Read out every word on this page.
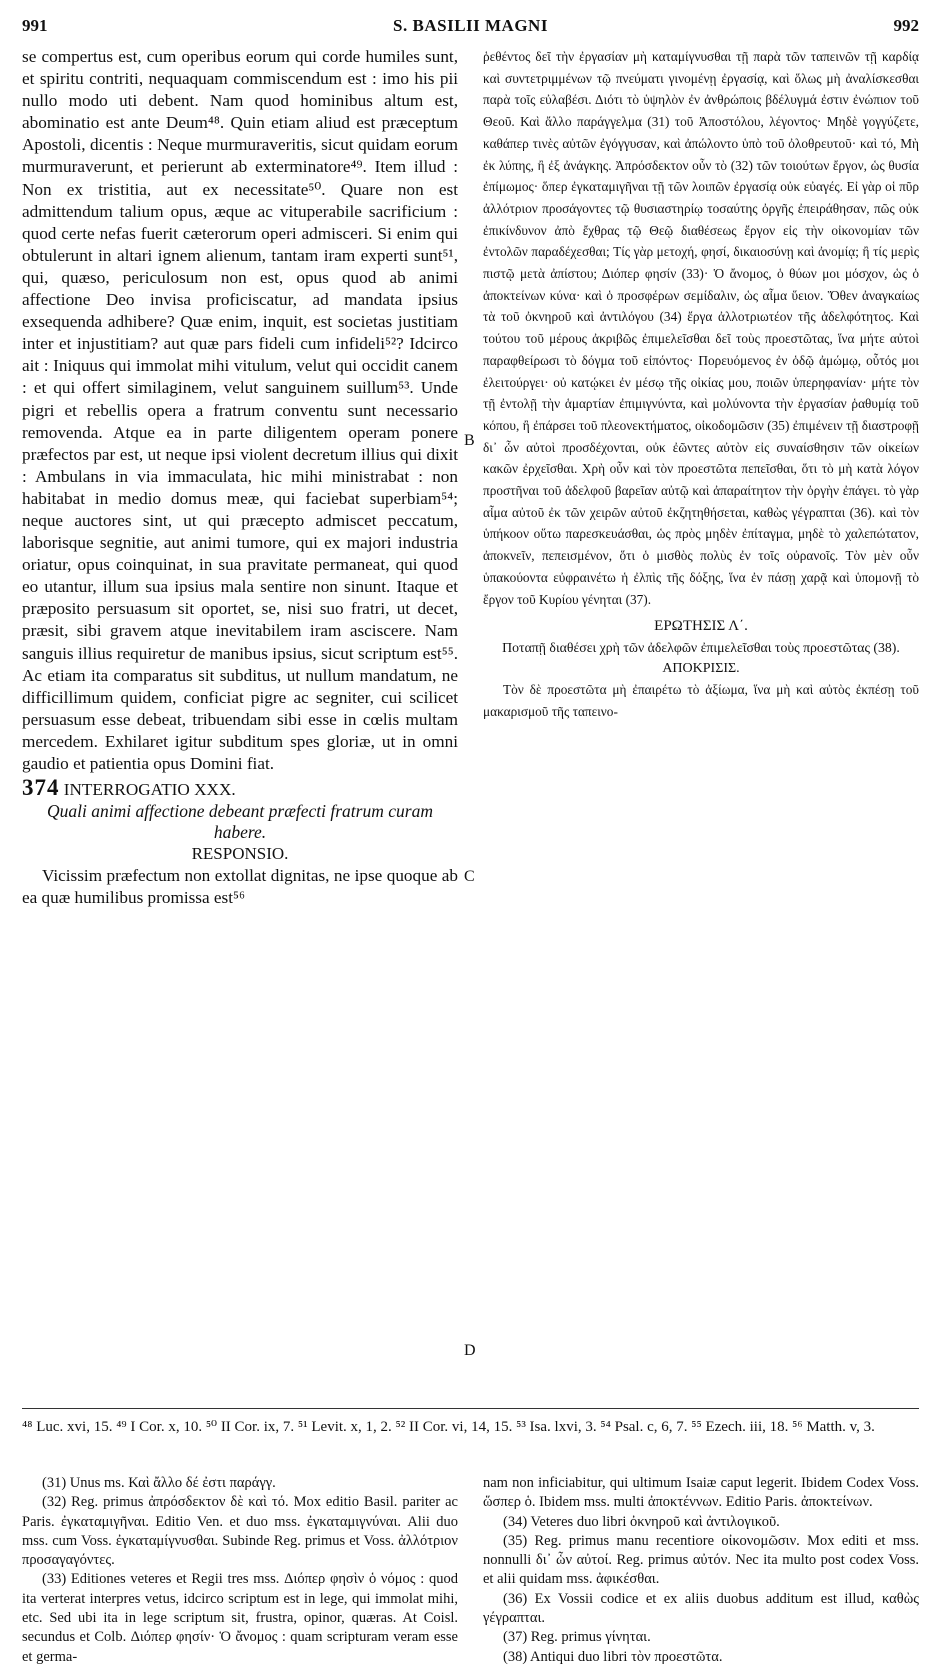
991	S. BASILII MAGNI	992

se compertus est, cum operibus eorum qui corde humiles sunt, et spiritu contriti, nequaquam commiscendum est : imo his pii nullo modo uti debent. Nam quod hominibus altum est, abominatio est ante Deum⁴⁸. Quin etiam aliud est præceptum Apostoli, dicentis : Neque murmuraveritis, sicut quidam eorum murmuraverunt, et perierunt ab exterminatore⁴⁹. Item illud : Non ex tristitia, aut ex necessitate⁵⁰. Quare non est admittendum talium opus, æque ac vituperabile sacrificium : quod certe nefas fuerit cæterorum operi admisceri. Si enim qui obtulerunt in altari ignem alienum, tantam iram experti sunt⁵¹, qui, quæso, periculosum non est, opus quod ab animi affectione Deo invisa proficiscatur, ad mandata ipsius exsequenda adhibere? Quæ enim, inquit, est societas justitiam inter et injustitiam? aut quæ pars fideli cum infideli⁵²? Idcirco ait : Iniquus qui immolat mihi vitulum, velut qui occidit canem : et qui offert similaginem, velut sanguinem suillum⁵³. Unde pigri et rebellis opera a fratrum conventu sunt necessario removenda. Atque ea in parte diligentem operam ponere præfectos par est, ut neque ipsi violent decretum illius qui dixit : Ambulans in via immaculata, hic mihi ministrabat : non habitabat in medio domus meæ, qui faciebat superbiam⁵⁴; neque auctores sint, ut qui præcepto admiscet peccatum, laborisque segnitie, aut animi tumore, qui ex majori industria oriatur, opus coinquinat, in sua pravitate permaneat, qui quod eo utantur, illum sua ipsius mala sentire non sinunt. Itaque et præposito persuasum sit oportet, se, nisi suo fratri, ut decet, præsit, sibi gravem atque inevitabilem iram asciscere. Nam sanguis illius requiretur de manibus ipsius, sicut scriptum est⁵⁵. Ac etiam ita comparatus sit subditus, ut nullum mandatum, ne difficillimum quidem, conficiat pigre ac segniter, cui scilicet persuasum esse debeat, tribuendam sibi esse in cœlis multam mercedem. Exhilaret igitur subditum spes gloriæ, ut in omni gaudio et patientia opus Domini fiat.

374 INTERROGATIO XXX.

Quali animi affectione debeant præfecti fratrum curam habere.

RESPONSIO.

Vicissim præfectum non extollat dignitas, ne ipse quoque ab ea quæ humilibus promissa est⁵⁶

ῥεθέντος δεῖ τὴν ἐργασίαν μὴ καταμίγνυσθαι τῇ παρὰ τῶν ταπεινῶν τῇ καρδίᾳ καὶ συντετριμμένων τῷ πνεύματι γινομένῃ ἐργασίᾳ, καὶ ὅλως μὴ ἀναλίσκεσθαι παρὰ τοῖς εὐλαβέσι. Διότι τὸ ὑψηλὸν ἐν ἀνθρώποις βδέλυγμά ἐστιν ἐνώπιον τοῦ Θεοῦ. Καὶ ἄλλο παράγγελμα (31) τοῦ Ἀποστόλου, λέγοντος· Μηδὲ γογγύζετε, καθάπερ τινὲς αὐτῶν ἐγόγγυσαν, καὶ ἀπώλοντο ὑπὸ τοῦ ὀλοθρευτοῦ· καὶ τό, Μὴ ἐκ λύπης, ἢ ἐξ ἀνάγκης. Ἀπρόσδεκτον οὖν τὸ (32) τῶν τοιούτων ἔργον, ὡς θυσία ἐπίμωμος· ὅπερ ἐγκαταμιγῆναι τῇ τῶν λοιπῶν ἐργασίᾳ οὐκ εὐαγές. Εἰ γὰρ οἱ πῦρ ἀλλότριον προσάγοντες τῷ θυσιαστηρίῳ τοσαύτης ὀργῆς ἐπειράθησαν, πῶς οὐκ ἐπικίνδυνον ἀπὸ ἔχθρας τῷ Θεῷ διαθέσεως ἔργον εἰς τὴν οἰκονομίαν τῶν ἐντολῶν παραδέχεσθαι; Τίς γὰρ μετοχή, φησί, δικαιοσύνῃ καὶ ἀνομίᾳ; ἢ τίς μερὶς πιστῷ μετὰ ἀπίστου; Διόπερ φησίν (33)· Ὁ ἄνομος, ὁ θύων μοι μόσχον, ὡς ὁ ἀποκτείνων κύνα· καὶ ὁ προσφέρων σεμίδαλιν, ὡς αἷμα ὕειον. Ὅθεν ἀναγκαίως τὰ τοῦ ὀκνηροῦ καὶ ἀντιλόγου (34) ἔργα ἀλλοτριωτέον τῆς ἀδελφότητος. Καὶ τούτου τοῦ μέρους ἀκριβῶς ἐπιμελεῖσθαι δεῖ τοὺς προεστῶτας, ἵνα μήτε αὐτοὶ παραφθείρωσι τὸ δόγμα τοῦ εἰπόντος· Πορευόμενος ἐν ὁδῷ ἀμώμῳ, οὗτός μοι ἐλειτούργει· οὐ κατῴκει ἐν μέσῳ τῆς οἰκίας μου, ποιῶν ὑπερηφανίαν· μήτε τὸν τῇ ἐντολῇ τὴν ἁμαρτίαν ἐπιμιγνύντα, καὶ μολύνοντα τὴν ἐργασίαν ῥαθυμίᾳ τοῦ κόπου, ἢ ἐπάρσει τοῦ πλεονεκτήματος, οἰκοδομῶσιν (35) ἐπιμένειν τῇ διαστροφῇ δι᾽ ὧν αὐτοὶ προσδέχονται, οὐκ ἐῶντες αὐτὸν εἰς συναίσθησιν τῶν οἰκείων κακῶν ἐρχεῖσθαι. Χρὴ οὖν καὶ τὸν προεστῶτα πεπεῖσθαι, ὅτι τὸ μὴ κατὰ λόγον προστῆναι τοῦ ἀδελφοῦ βαρεῖαν αὐτῷ καὶ ἀπαραίτητον τὴν ὀργὴν ἐπάγει. τὸ γὰρ αἷμα αὐτοῦ ἐκ τῶν χειρῶν αὐτοῦ ἐκζητηθήσεται, καθὼς γέγραπται (36). καὶ τὸν ὑπήκοον οὕτω παρεσκευάσθαι, ὡς πρὸς μηδὲν ἐπίταγμα, μηδὲ τὸ χαλεπώτατον, ἀποκνεῖν, πεπεισμένον, ὅτι ὁ μισθὸς πολὺς ἐν τοῖς οὐρανοῖς. Τὸν μὲν οὖν ὑπακούοντα εὐφραινέτω ἡ ἐλπὶς τῆς δόξης, ἵνα ἐν πάσῃ χαρᾷ καὶ ὑπομονῇ τὸ ἔργον τοῦ Κυρίου γένηται (37).

ΕΡΩΤΗΣΙΣ Λ΄.

Ποταπῇ διαθέσει χρὴ τῶν ἀδελφῶν ἐπιμελεῖσθαι τοὺς προεστῶτας (38).

ΑΠΟΚΡΙΣΙΣ.

Τὸν δὲ προεστῶτα μὴ ἐπαιρέτω τὸ ἀξίωμα, ἵνα μὴ καὶ αὐτὸς ἐκπέσῃ τοῦ μακαρισμοῦ τῆς ταπεινο-

B
C
D
⁴⁸ Luc. xvi, 15. ⁴⁹ I Cor. x, 10. ⁵⁰ II Cor. ix, 7. ⁵¹ Levit. x, 1, 2. ⁵² II Cor. vi, 14, 15. ⁵³ Isa. lxvi, 3. ⁵⁴ Psal. c, 6, 7. ⁵⁵ Ezech. iii, 18. ⁵⁶ Matth. v, 3.

(31) Unus ms. Καὶ ἄλλο δέ ἐστι παράγγ.

(32) Reg. primus ἀπρόσδεκτον δὲ καὶ τό. Mox editio Basil. pariter ac Paris. ἐγκαταμιγῆναι. Editio Ven. et duo mss. ἐγκαταμιγνύναι. Alii duo mss. cum Voss. ἐγκαταμίγνυσθαι. Subinde Reg. primus et Voss. ἀλλότριον προσαγαγόντες.

(33) Editiones veteres et Regii tres mss. Διόπερ φησὶν ὁ νόμος : quod ita verterat interpres vetus, idcirco scriptum est in lege, qui immolat mihi, etc. Sed ubi ita in lege scriptum sit, frustra, opinor, quæras. At Coisl. secundus et Colb. Διόπερ φησίν· Ὁ ἄνομος : quam scripturam veram esse et germa-

nam non inficiabitur, qui ultimum Isaiæ caput legerit. Ibidem Codex Voss. ὥσπερ ὁ. Ibidem mss. multi ἀποκτέννων. Editio Paris. ἀποκτείνων.

(34) Veteres duo libri ὀκνηροῦ καὶ ἀντιλογικοῦ.

(35) Reg. primus manu recentiore οἰκονομῶσιν. Mox editi et mss. nonnulli δι᾽ ὧν αὐτοί. Reg. primus αὐτόν. Nec ita multo post codex Voss. et alii quidam mss. ἀφικέσθαι.

(36) Ex Vossii codice et ex aliis duobus additum est illud, καθὼς γέγραπται.

(37) Reg. primus γίνηται.

(38) Antiqui duo libri τὸν προεστῶτα.
